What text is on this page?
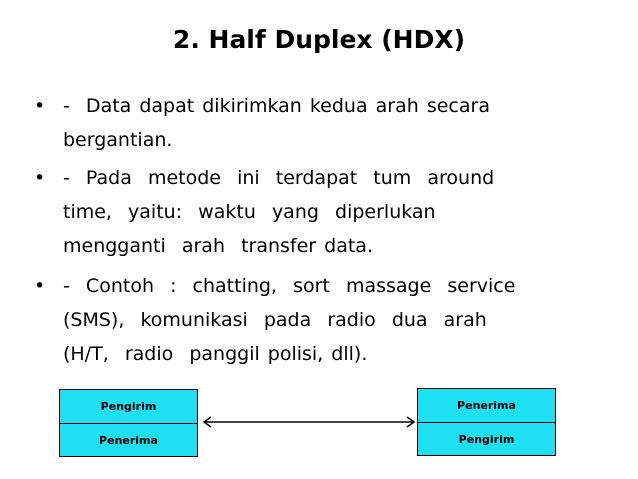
2. Half Duplex (HDX)
• -  Data dapat dikirimkan kedua arah secara
bergantian.
• -  Pada  metode  ini  terdapat  tum  around
time,  yaitu:  waktu  yang  diperlukan
mengganti  arah  transfer data.
• -  Contoh  :  chatting,  sort  massage  service
(SMS),  komunikasi  pada  radio  dua  arah
(H/T,  radio  panggil polisi, dll).
Pengirim
Penerima
Penerima
Pengirim
